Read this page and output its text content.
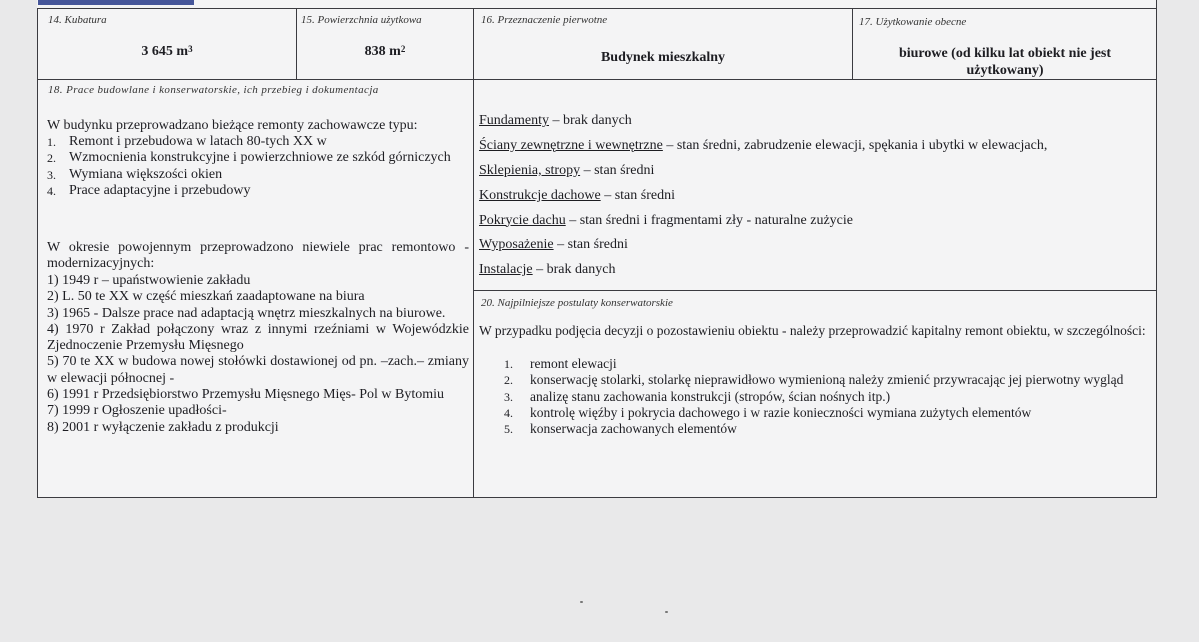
14. Kubatura
3 645 $m^3$
15. Powierzchnia użytkowa
838 $m^2$
16. Przeznaczenie pierwotne
Budynek mieszkalny
17. Użytkowanie obecne
biurowe (od kilku lat obiekt nie jest użytkowany)
18. Prace budowlane i konserwatorskie, ich przebieg i dokumentacja
W budynku przeprowadzano bieżące remonty zachowawcze typu:
1. Remont i przebudowa w latach 80-tych XX w
2. Wzmocnienia konstrukcyjne i powierzchniowe ze szkód górniczych
3. Wymiana większości okien
4. Prace adaptacyjne i przebudowy
W okresie powojennym przeprowadzono niewiele prac remontowo - modernizacyjnych:
1) 1949 r – upaństwowienie zakładu
2) L. 50 te XX w część mieszkań zaadaptowane na biura
3) 1965 - Dalsze prace nad adaptacją wnętrz mieszkalnych na biurowe.
4) 1970 r Zakład połączony wraz z innymi rzeźniami w Wojewódzkie Zjednoczenie Przemysłu Mięsnego
5) 70 te XX w budowa nowej stołówki dostawionej od pn. –zach.– zmiany w elewacji północnej -
6) 1991 r Przedsiębiorstwo Przemysłu Mięsnego Mięs- Pol w Bytomiu
7) 1999 r Ogłoszenie upadłości-
8) 2001 r wyłączenie zakładu z produkcji

Fundamenty – brak danych

Ściany zewnętrzne i wewnętrzne – stan średni, zabrudzenie elewacji, spękania i ubytki w elewacjach,

Sklepienia, stropy – stan średni

Konstrukcje dachowe – stan średni

Pokrycie dachu – stan średni i fragmentami zły - naturalne zużycie

Wyposażenie – stan średni

Instalacje – brak danych

20. Najpilniejsze postulaty konserwatorskie
W przypadku podjęcia decyzji o pozostawieniu obiektu - należy przeprowadzić kapitalny remont obiektu, w szczególności:
1. remont elewacji
2. konserwację stolarki, stolarkę nieprawidłowo wymienioną należy zmienić przywracając jej pierwotny wygląd
3. analizę stanu zachowania konstrukcji (stropów, ścian nośnych itp.)
4. kontrolę więźby i pokrycia dachowego i w razie konieczności wymiana zużytych elementów
5. konserwacja zachowanych elementów
